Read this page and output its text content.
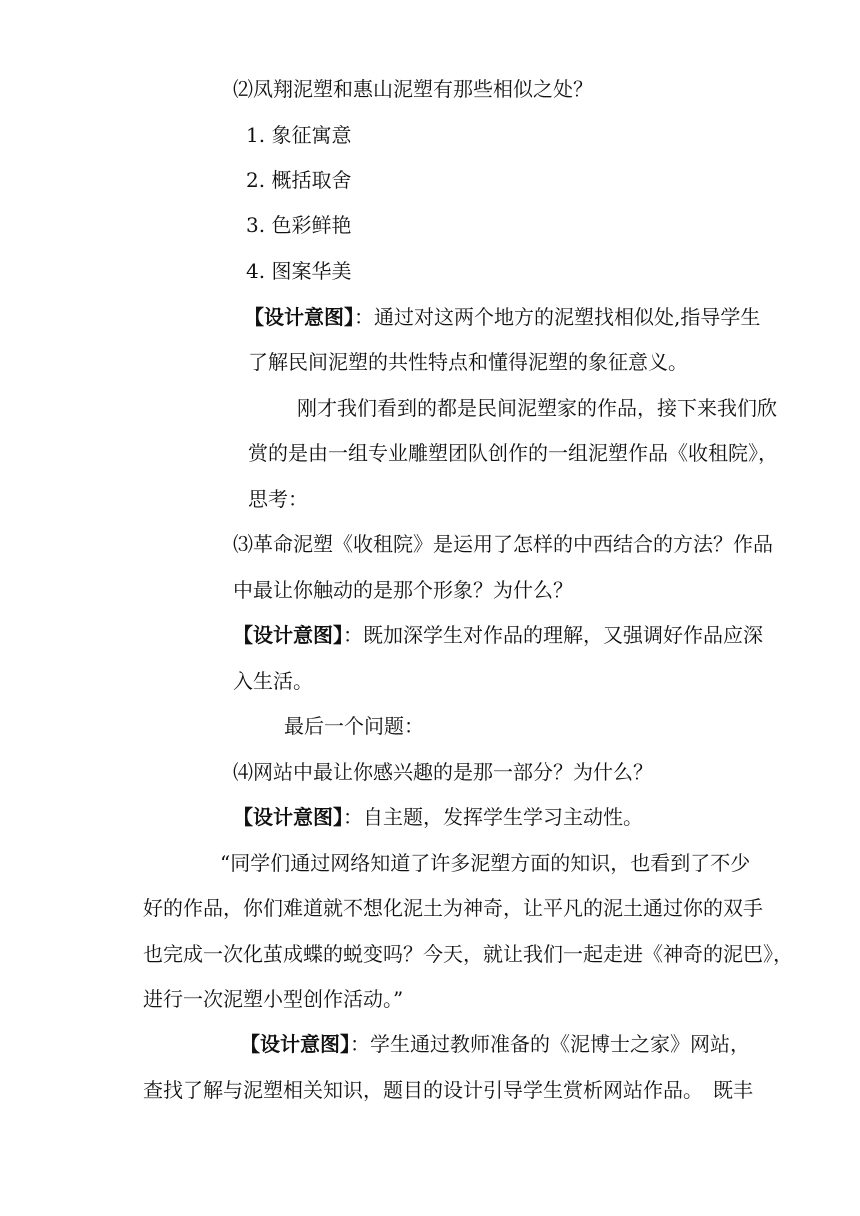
⑵凤翔泥塑和惠山泥塑有那些相似之处？
1. 象征寓意
2. 概括取舍
3. 色彩鲜艳
4. 图案华美
【设计意图】：通过对这两个地方的泥塑找相似处,指导学生
了解民间泥塑的共性特点和懂得泥塑的象征意义。
刚才我们看到的都是民间泥塑家的作品，接下来我们欣
赏的是由一组专业雕塑团队创作的一组泥塑作品《收租院》，
思考：
⑶革命泥塑《收租院》是运用了怎样的中西结合的方法？作品
中最让你触动的是那个形象？为什么？
【设计意图】：既加深学生对作品的理解，又强调好作品应深
入生活。
最后一个问题：
⑷网站中最让你感兴趣的是那一部分？为什么？
【设计意图】：自主题，发挥学生学习主动性。
“同学们通过网络知道了许多泥塑方面的知识，也看到了不少
好的作品，你们难道就不想化泥土为神奇，让平凡的泥土通过你的双手
也完成一次化茧成蝶的蜕变吗？今天，就让我们一起走进《神奇的泥巴》，
进行一次泥塑小型创作活动。”
【设计意图】：学生通过教师准备的《泥博士之家》网站，
查找了解与泥塑相关知识，题目的设计引导学生赏析网站作品。　既丰
